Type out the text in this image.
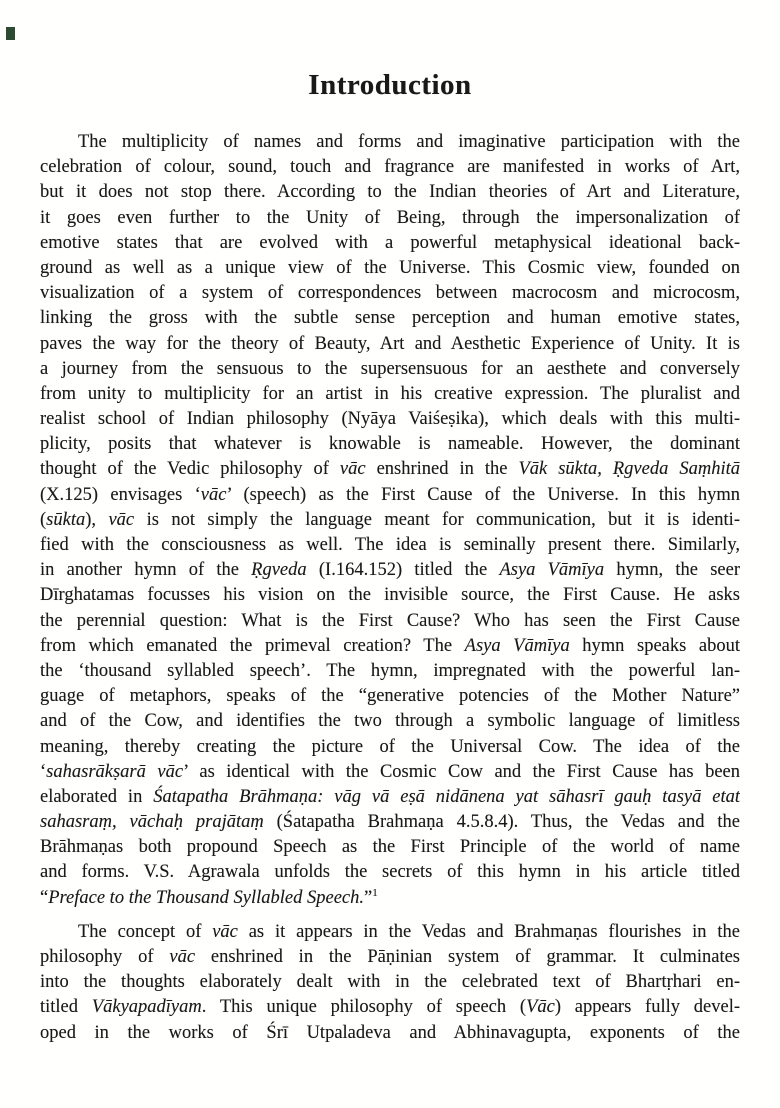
Introduction
The multiplicity of names and forms and imaginative participation with the
celebration of colour, sound, touch and fragrance are manifested in works of Art,
but it does not stop there. According to the Indian theories of Art and Literature,
it goes even further to the Unity of Being, through the impersonalization of
emotive states that are evolved with a powerful metaphysical ideational back-
ground as well as a unique view of the Universe. This Cosmic view, founded on
visualization of a system of correspondences between macrocosm and microcosm,
linking the gross with the subtle sense perception and human emotive states,
paves the way for the theory of Beauty, Art and Aesthetic Experience of Unity. It is
a journey from the sensuous to the supersensuous for an aesthete and conversely
from unity to multiplicity for an artist in his creative expression. The pluralist and
realist school of Indian philosophy (Nyāya Vaiśeṣika), which deals with this multi-
plicity, posits that whatever is knowable is nameable. However, the dominant
thought of the Vedic philosophy of vāc enshrined in the Vāk sūkta, Ṛgveda Saṃhitā
(X.125) envisages ‘vāc’ (speech) as the First Cause of the Universe. In this hymn
(sūkta), vāc is not simply the language meant for communication, but it is identi-
fied with the consciousness as well. The idea is seminally present there. Similarly,
in another hymn of the Ṛgveda (I.164.152) titled the Asya Vāmīya hymn, the seer
Dīrghatamas focusses his vision on the invisible source, the First Cause. He asks
the perennial question: What is the First Cause? Who has seen the First Cause
from which emanated the primeval creation? The Asya Vāmīya hymn speaks about
the ‘thousand syllabled speech’. The hymn, impregnated with the powerful lan-
guage of metaphors, speaks of the “generative potencies of the Mother Nature”
and of the Cow, and identifies the two through a symbolic language of limitless
meaning, thereby creating the picture of the Universal Cow. The idea of the
‘sahasrākṣarā vāc’ as identical with the Cosmic Cow and the First Cause has been
elaborated in Śatapatha Brāhmaṇa: vāg vā eṣā nidānena yat sāhasrī gauḥ tasyā etat
sahasraṃ, vāchaḥ prajātaṃ (Śatapatha Brahmaṇa 4.5.8.4). Thus, the Vedas and the
Brāhmaṇas both propound Speech as the First Principle of the world of name
and forms. V.S. Agrawala unfolds the secrets of this hymn in his article titled
“Preface to the Thousand Syllabled Speech.”$^1$
The concept of vāc as it appears in the Vedas and Brahmaṇas flourishes in the
philosophy of vāc enshrined in the Pāṇinian system of grammar. It culminates
into the thoughts elaborately dealt with in the celebrated text of Bhartṛhari en-
titled Vākyapadīyam. This unique philosophy of speech (Vāc) appears fully devel-
oped in the works of Śrī Utpaladeva and Abhinavagupta, exponents of the
